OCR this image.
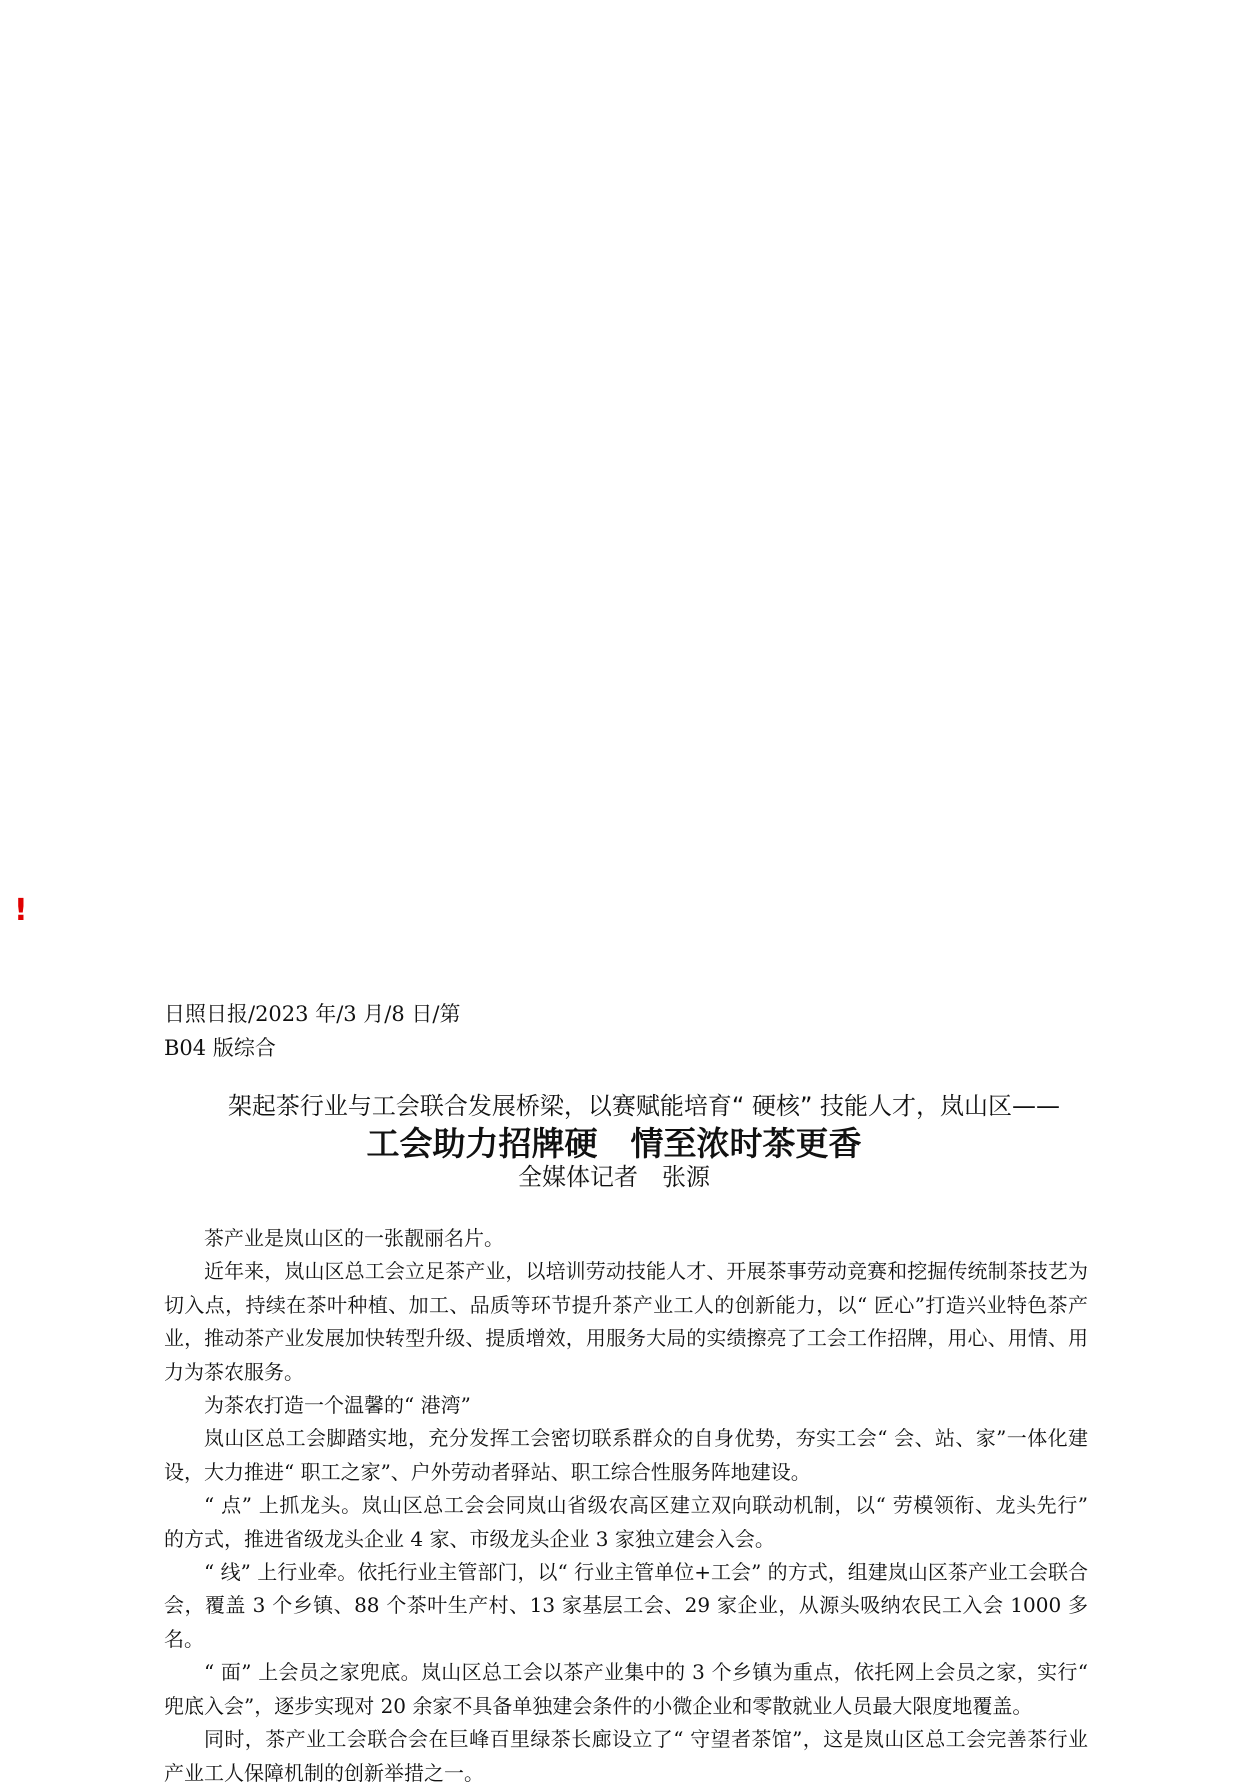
!
日照日报/2023 年/3 月/8 日/第 B04 版综合
架起茶行业与工会联合发展桥梁，以赛赋能培育“ 硬核” 技能人才，岚山区——
工会助力招牌硬　情至浓时茶更香
全媒体记者　张源

茶产业是岚山区的一张靓丽名片。

近年来，岚山区总工会立足茶产业，以培训劳动技能人才、开展茶事劳动竞赛和挖掘传统制茶技艺为切入点，持续在茶叶种植、加工、品质等环节提升茶产业工人的创新能力，以“ 匠心”打造兴业特色茶产业，推动茶产业发展加快转型升级、提质增效，用服务大局的实绩擦亮了工会工作招牌，用心、用情、用力为茶农服务。

为茶农打造一个温馨的“ 港湾”

岚山区总工会脚踏实地，充分发挥工会密切联系群众的自身优势，夯实工会“ 会、站、家”一体化建设，大力推进“ 职工之家”、户外劳动者驿站、职工综合性服务阵地建设。

“ 点” 上抓龙头。岚山区总工会会同岚山省级农高区建立双向联动机制，以“ 劳模领衔、龙头先行” 的方式，推进省级龙头企业 4 家、市级龙头企业 3 家独立建会入会。

“ 线” 上行业牵。依托行业主管部门，以“ 行业主管单位+工会” 的方式，组建岚山区茶产业工会联合会，覆盖 3 个乡镇、88 个茶叶生产村、13 家基层工会、29 家企业，从源头吸纳农民工入会 1000 多名。

“ 面” 上会员之家兜底。岚山区总工会以茶产业集中的 3 个乡镇为重点，依托网上会员之家，实行“ 兜底入会”，逐步实现对 20 余家不具备单独建会条件的小微企业和零散就业人员最大限度地覆盖。

同时，茶产业工会联合会在巨峰百里绿茶长廊设立了“ 守望者茶馆”，这是岚山区总工会完善茶行业产业工人保障机制的创新举措之一。
